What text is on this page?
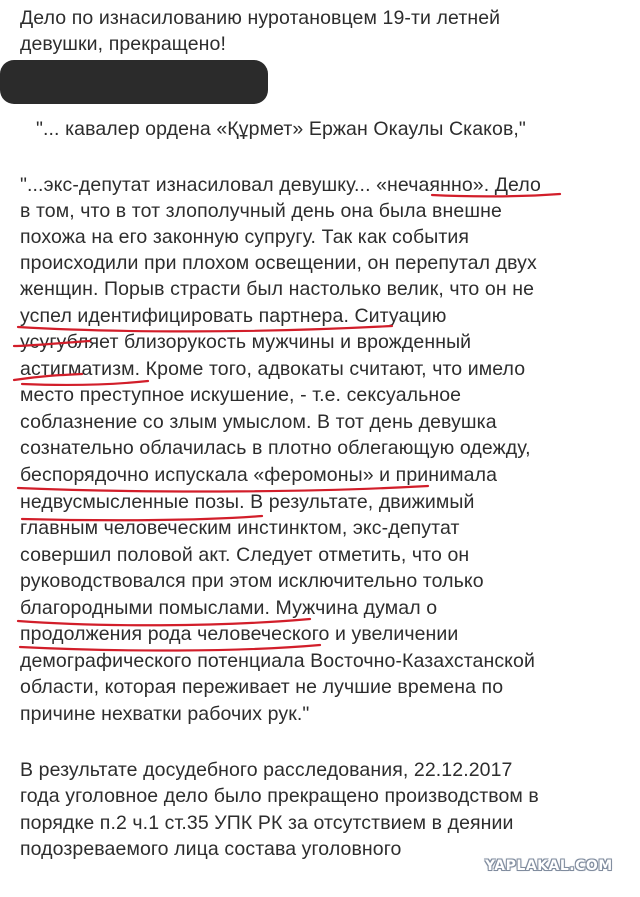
Дело по изнасилованию нуротановцем 19-ти летней
девушки, прекращено!
"... кавалер ордена «Құрмет» Ержан Окаулы Скаков,"
"...экс-депутат изнасиловал девушку... «нечаянно». Дело
в том, что в тот злополучный день она была внешне
похожа на его законную супругу. Так как события
происходили при плохом освещении, он перепутал двух
женщин. Порыв страсти был настолько велик, что он не
успел идентифицировать партнера. Ситуацию
усугубляет близорукость мужчины и врожденный
астигматизм. Кроме того, адвокаты считают, что имело
место преступное искушение, - т.е. сексуальное
соблазнение со злым умыслом. В тот день девушка
сознательно облачилась в плотно облегающую одежду,
беспорядочно испускала «феромоны» и принимала
недвусмысленные позы. В результате, движимый
главным человеческим инстинктом, экс-депутат
совершил половой акт. Следует отметить, что он
руководствовался при этом исключительно только
благородными помыслами. Мужчина думал о
продолжения рода человеческого и увеличении
демографического потенциала Восточно-Казахстанской
области, которая переживает не лучшие времена по
причине нехватки рабочих рук."
В результате досудебного расследования, 22.12.2017
года уголовное дело было прекращено производством в
порядке п.2 ч.1 ст.35 УПК РК за отсутствием в деянии
подозреваемого лица состава уголовного
YAPLAKAL.COM
